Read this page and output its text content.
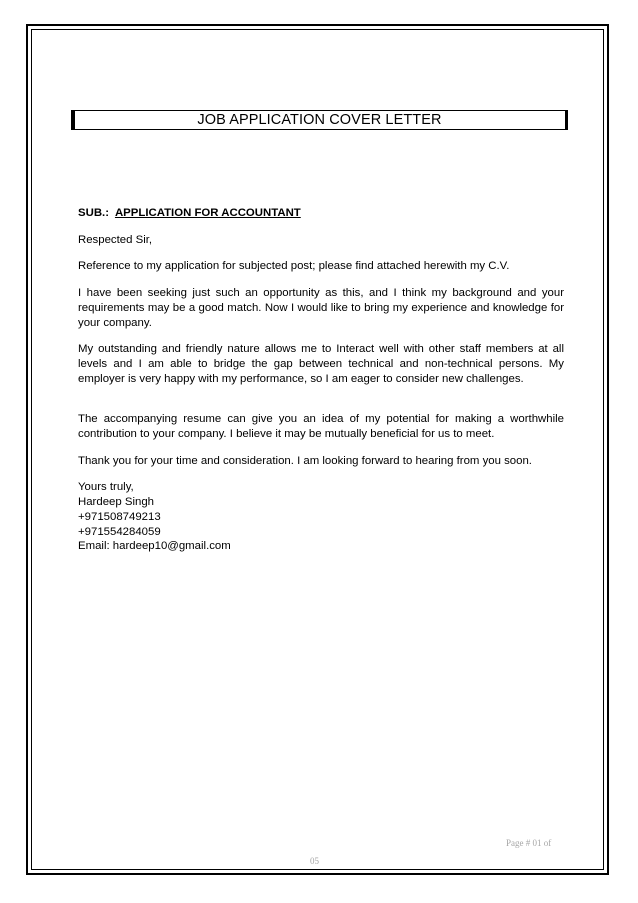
JOB APPLICATION COVER LETTER

SUB.: APPLICATION FOR ACCOUNTANT

Respected Sir,

Reference to my application for subjected post; please find attached herewith my C.V.

I have been seeking just such an opportunity as this, and I think my background and your requirements may be a good match. Now I would like to bring my experience and knowledge for your company.

My outstanding and friendly nature allows me to Interact well with other staff members at all levels and I am able to bridge the gap between technical and non-technical persons. My employer is very happy with my performance, so I am eager to consider new challenges.

The accompanying resume can give you an idea of my potential for making a worthwhile contribution to your company. I believe it may be mutually beneficial for us to meet.

Thank you for your time and consideration. I am looking forward to hearing from you soon.

Yours truly,
Hardeep Singh
+971508749213
+971554284059
Email: hardeep10@gmail.com
Page # 01 of
05
